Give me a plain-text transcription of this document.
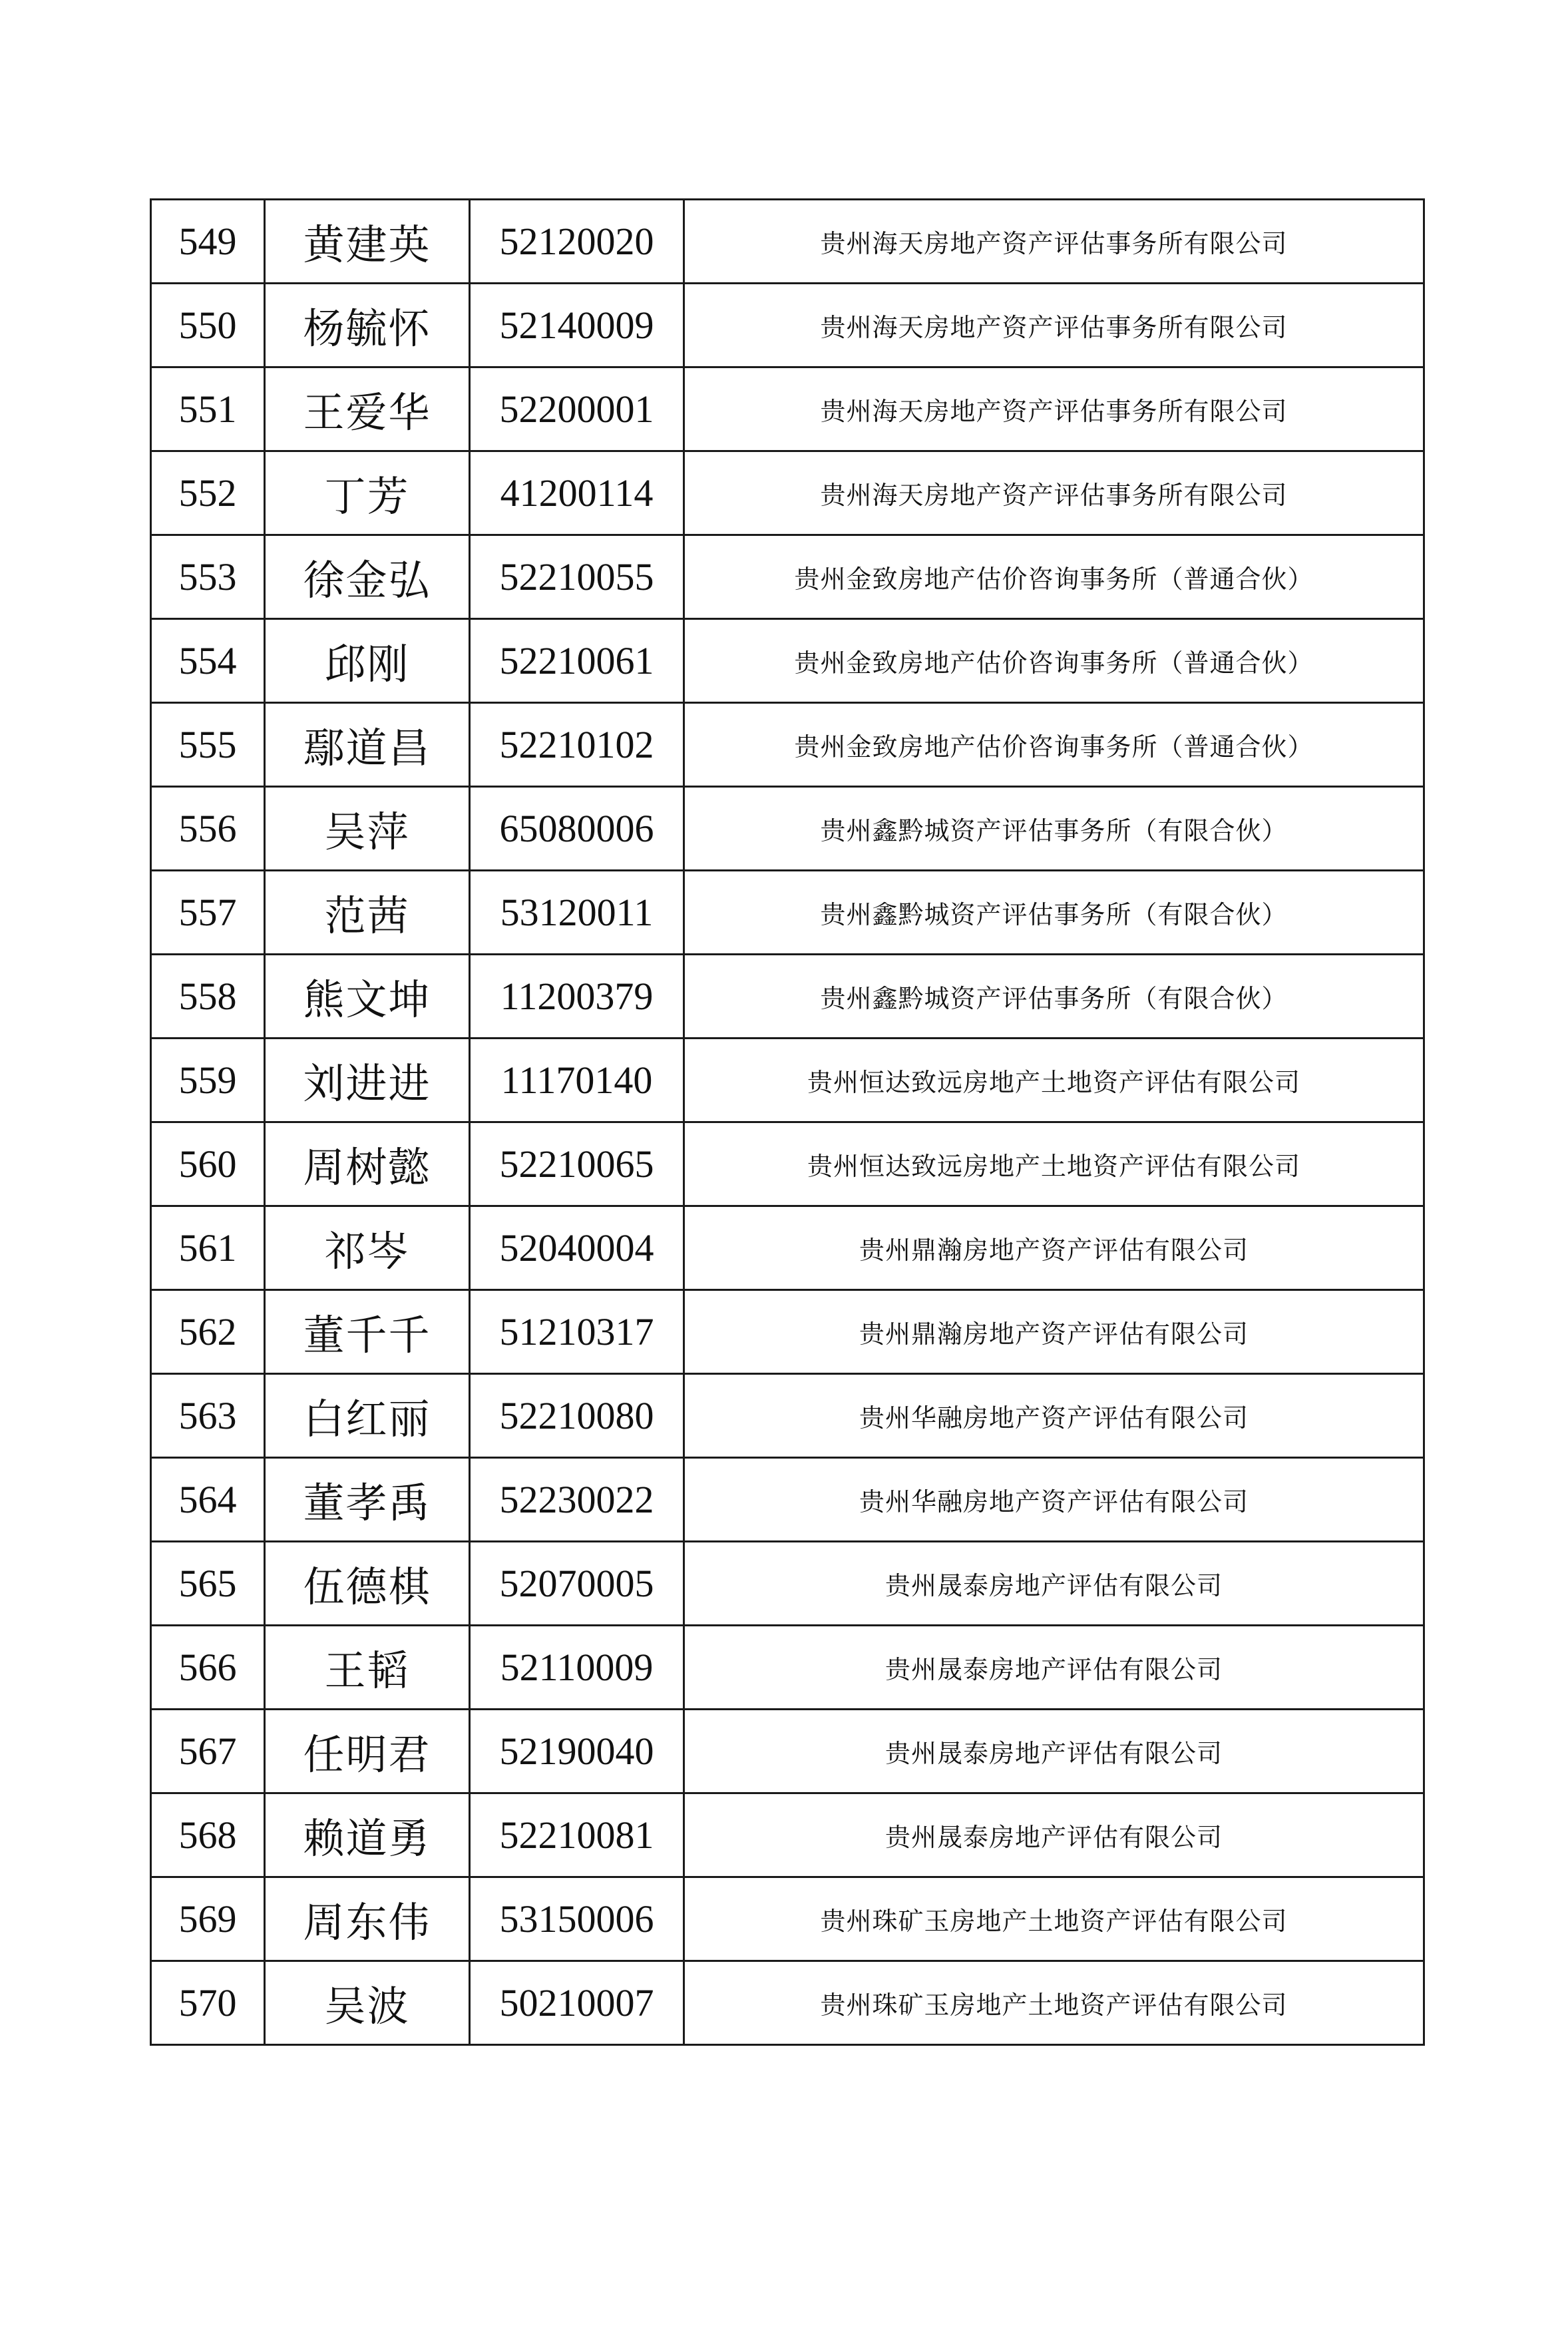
549	黄建英	52120020	贵州海天房地产资产评估事务所有限公司
550	杨毓怀	52140009	贵州海天房地产资产评估事务所有限公司
551	王爱华	52200001	贵州海天房地产资产评估事务所有限公司
552	丁芳	41200114	贵州海天房地产资产评估事务所有限公司
553	徐金弘	52210055	贵州金致房地产估价咨询事务所（普通合伙）
554	邱刚	52210061	贵州金致房地产估价咨询事务所（普通合伙）
555	鄢道昌	52210102	贵州金致房地产估价咨询事务所（普通合伙）
556	吴萍	65080006	贵州鑫黔城资产评估事务所（有限合伙）
557	范茜	53120011	贵州鑫黔城资产评估事务所（有限合伙）
558	熊文坤	11200379	贵州鑫黔城资产评估事务所（有限合伙）
559	刘进进	11170140	贵州恒达致远房地产土地资产评估有限公司
560	周树懿	52210065	贵州恒达致远房地产土地资产评估有限公司
561	祁岑	52040004	贵州鼎瀚房地产资产评估有限公司
562	董千千	51210317	贵州鼎瀚房地产资产评估有限公司
563	白红丽	52210080	贵州华融房地产资产评估有限公司
564	董孝禹	52230022	贵州华融房地产资产评估有限公司
565	伍德棋	52070005	贵州晟泰房地产评估有限公司
566	王韬	52110009	贵州晟泰房地产评估有限公司
567	任明君	52190040	贵州晟泰房地产评估有限公司
568	赖道勇	52210081	贵州晟泰房地产评估有限公司
569	周东伟	53150006	贵州珠矿玉房地产土地资产评估有限公司
570	吴波	50210007	贵州珠矿玉房地产土地资产评估有限公司
